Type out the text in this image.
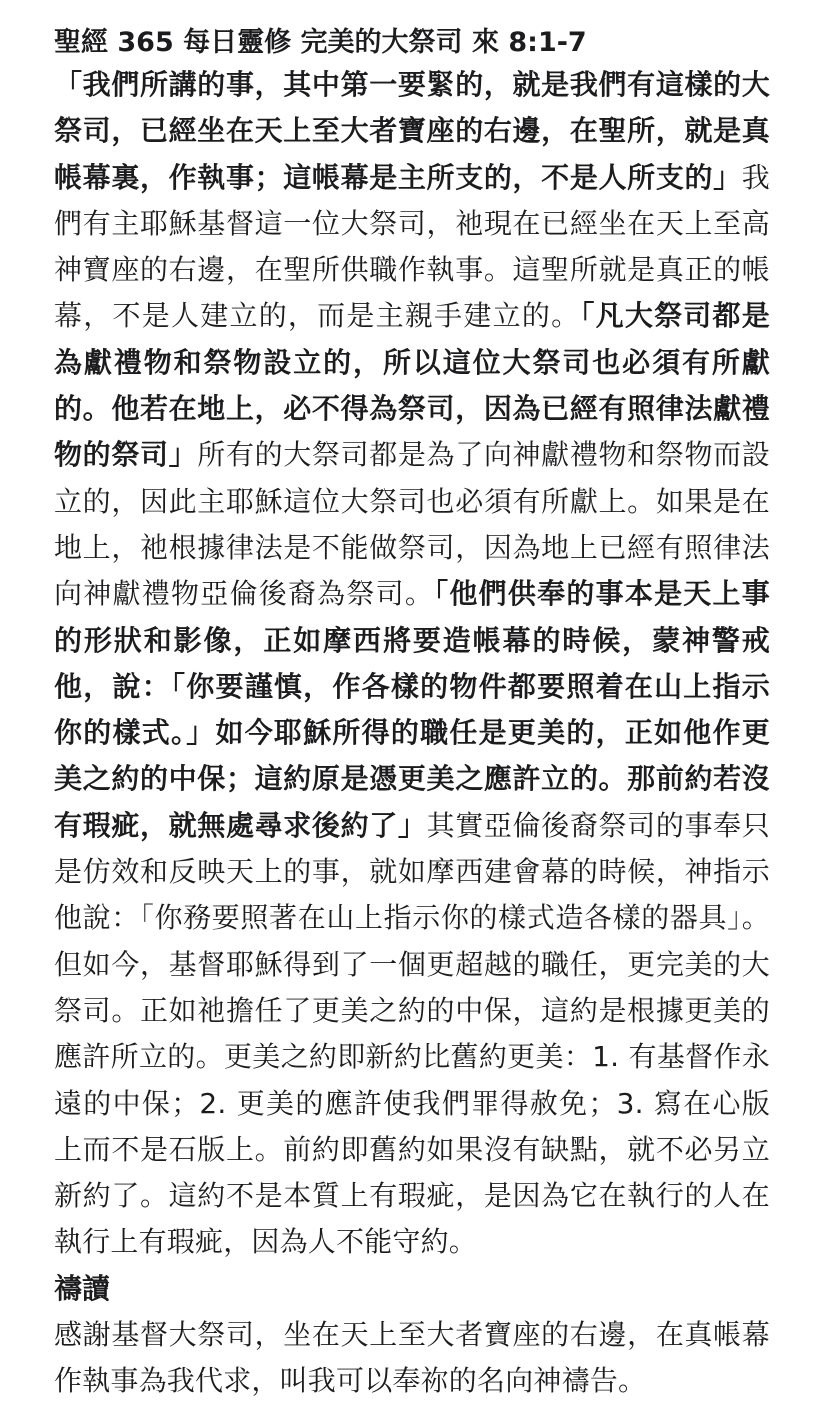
聖經 365 每日靈修 完美的大祭司 來 8:1-7

「我們所講的事，其中第一要緊的，就是我們有這樣的大祭司，已經坐在天上至大者寶座的右邊，在聖所，就是真帳幕裏，作執事；這帳幕是主所支的，不是人所支的」我們有主耶穌基督這一位大祭司，祂現在已經坐在天上至高神寶座的右邊，在聖所供職作執事。這聖所就是真正的帳幕，不是人建立的，而是主親手建立的。「凡大祭司都是為獻禮物和祭物設立的，所以這位大祭司也必須有所獻的。他若在地上，必不得為祭司，因為已經有照律法獻禮物的祭司」所有的大祭司都是為了向神獻禮物和祭物而設立的，因此主耶穌這位大祭司也必須有所獻上。如果是在地上，祂根據律法是不能做祭司，因為地上已經有照律法向神獻禮物亞倫後裔為祭司。「他們供奉的事本是天上事的形狀和影像，正如摩西將要造帳幕的時候，蒙神警戒他，說：「你要謹慎，作各樣的物件都要照着在山上指示你的樣式。」如今耶穌所得的職任是更美的，正如他作更美之約的中保；這約原是憑更美之應許立的。那前約若沒有瑕疵，就無處尋求後約了」其實亞倫後裔祭司的事奉只是仿效和反映天上的事，就如摩西建會幕的時候，神指示他說：「你務要照著在山上指示你的樣式造各樣的器具」。但如今，基督耶穌得到了一個更超越的職任，更完美的大祭司。正如祂擔任了更美之約的中保，這約是根據更美的應許所立的。更美之約即新約比舊約更美：1. 有基督作永遠的中保；2. 更美的應許使我們罪得赦免；3. 寫在心版上而不是石版上。前約即舊約如果沒有缺點，就不必另立新約了。這約不是本質上有瑕疵，是因為它在執行的人在執行上有瑕疵，因為人不能守約。

禱讀

感謝基督大祭司，坐在天上至大者寶座的右邊，在真帳幕作執事為我代求，叫我可以奉祢的名向神禱告。
